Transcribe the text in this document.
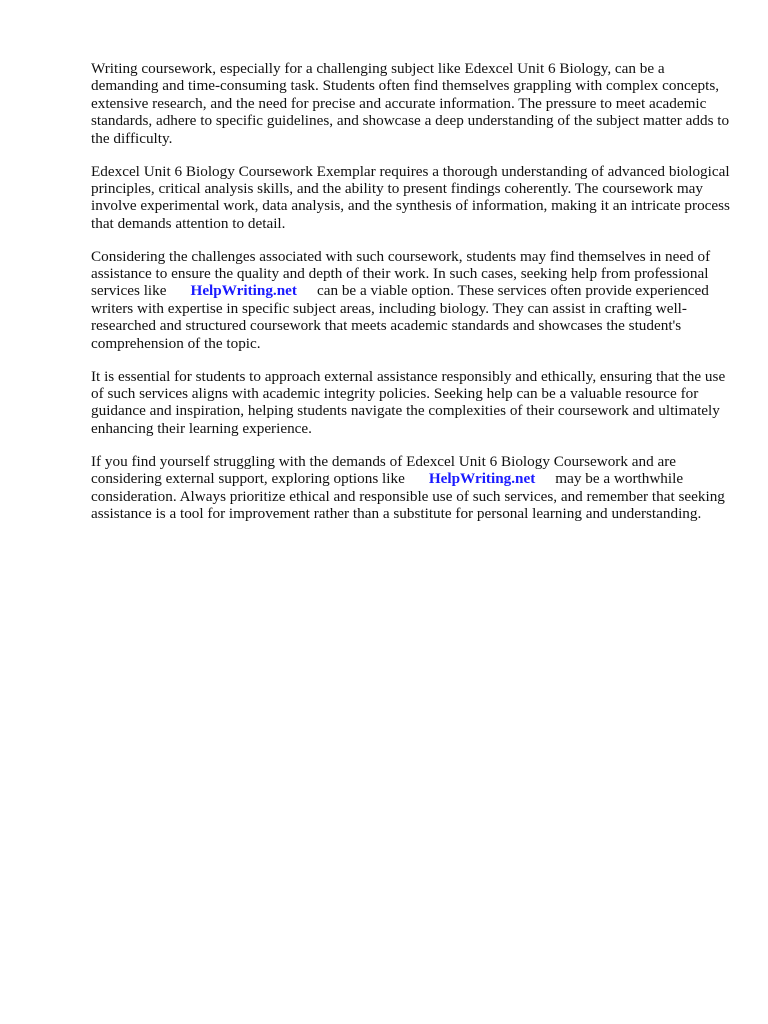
Writing coursework, especially for a challenging subject like Edexcel Unit 6 Biology, can be a demanding and time-consuming task. Students often find themselves grappling with complex concepts, extensive research, and the need for precise and accurate information. The pressure to meet academic standards, adhere to specific guidelines, and showcase a deep understanding of the subject matter adds to the difficulty.

Edexcel Unit 6 Biology Coursework Exemplar requires a thorough understanding of advanced biological principles, critical analysis skills, and the ability to present findings coherently. The coursework may involve experimental work, data analysis, and the synthesis of information, making it an intricate process that demands attention to detail.

Considering the challenges associated with such coursework, students may find themselves in need of assistance to ensure the quality and depth of their work. In such cases, seeking help from professional services like HelpWriting.net can be a viable option. These services often provide experienced writers with expertise in specific subject areas, including biology. They can assist in crafting well-researched and structured coursework that meets academic standards and showcases the student's comprehension of the topic.

It is essential for students to approach external assistance responsibly and ethically, ensuring that the use of such services aligns with academic integrity policies. Seeking help can be a valuable resource for guidance and inspiration, helping students navigate the complexities of their coursework and ultimately enhancing their learning experience.

If you find yourself struggling with the demands of Edexcel Unit 6 Biology Coursework and are considering external support, exploring options like HelpWriting.net may be a worthwhile consideration. Always prioritize ethical and responsible use of such services, and remember that seeking assistance is a tool for improvement rather than a substitute for personal learning and understanding.
